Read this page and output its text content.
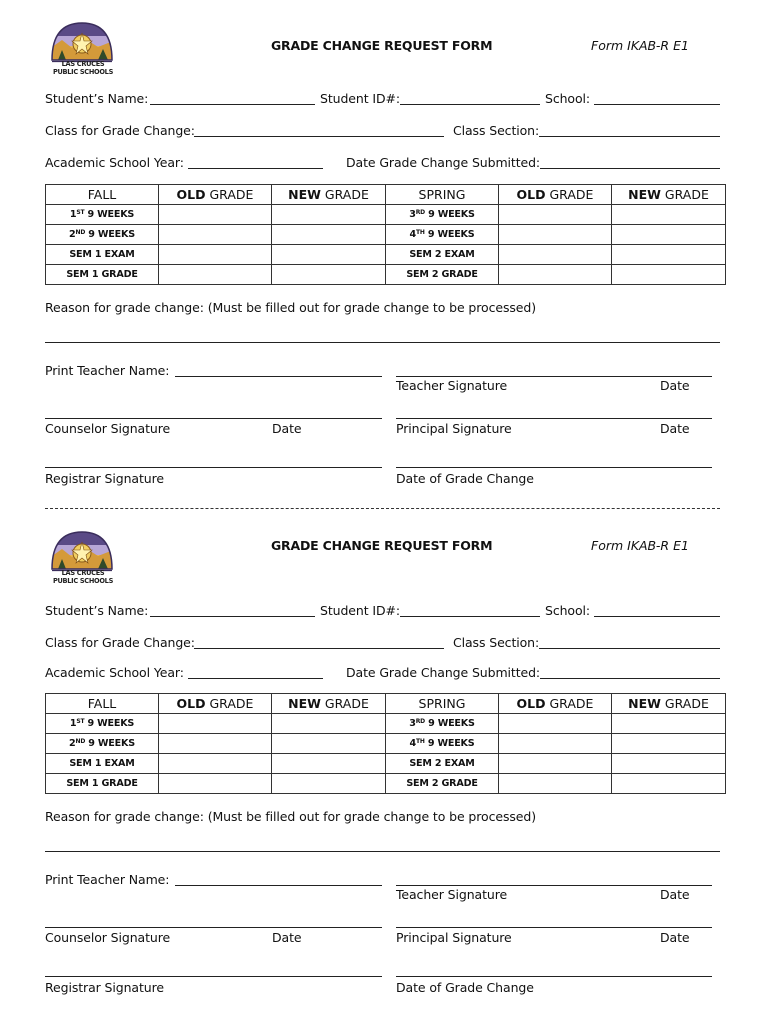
LAS CRUCES
PUBLIC SCHOOLS
GRADE CHANGE REQUEST FORM	Form IKAB-R E1
Student’s Name:	Student ID#:	School:
Class for Grade Change:	Class Section:
Academic School Year:	Date Grade Change Submitted:
FALL	OLD GRADE	NEW GRADE	SPRING	OLD GRADE	NEW GRADE
1ST 9 WEEKS			3RD 9 WEEKS		
2ND 9 WEEKS			4TH 9 WEEKS		
SEM 1 EXAM			SEM 2 EXAM		
SEM 1 GRADE			SEM 2 GRADE		
Reason for grade change: (Must be filled out for grade change to be processed)
Print Teacher Name:
Teacher Signature	Date
Counselor Signature	Date	Principal Signature	Date
Registrar Signature	Date of Grade Change
LAS CRUCES
PUBLIC SCHOOLS
GRADE CHANGE REQUEST FORM	Form IKAB-R E1
Student’s Name:	Student ID#:	School:
Class for Grade Change:	Class Section:
Academic School Year:	Date Grade Change Submitted:
FALL	OLD GRADE	NEW GRADE	SPRING	OLD GRADE	NEW GRADE
1ST 9 WEEKS			3RD 9 WEEKS		
2ND 9 WEEKS			4TH 9 WEEKS		
SEM 1 EXAM			SEM 2 EXAM		
SEM 1 GRADE			SEM 2 GRADE		
Reason for grade change: (Must be filled out for grade change to be processed)
Print Teacher Name:
Teacher Signature	Date
Counselor Signature	Date	Principal Signature	Date
Registrar Signature	Date of Grade Change
